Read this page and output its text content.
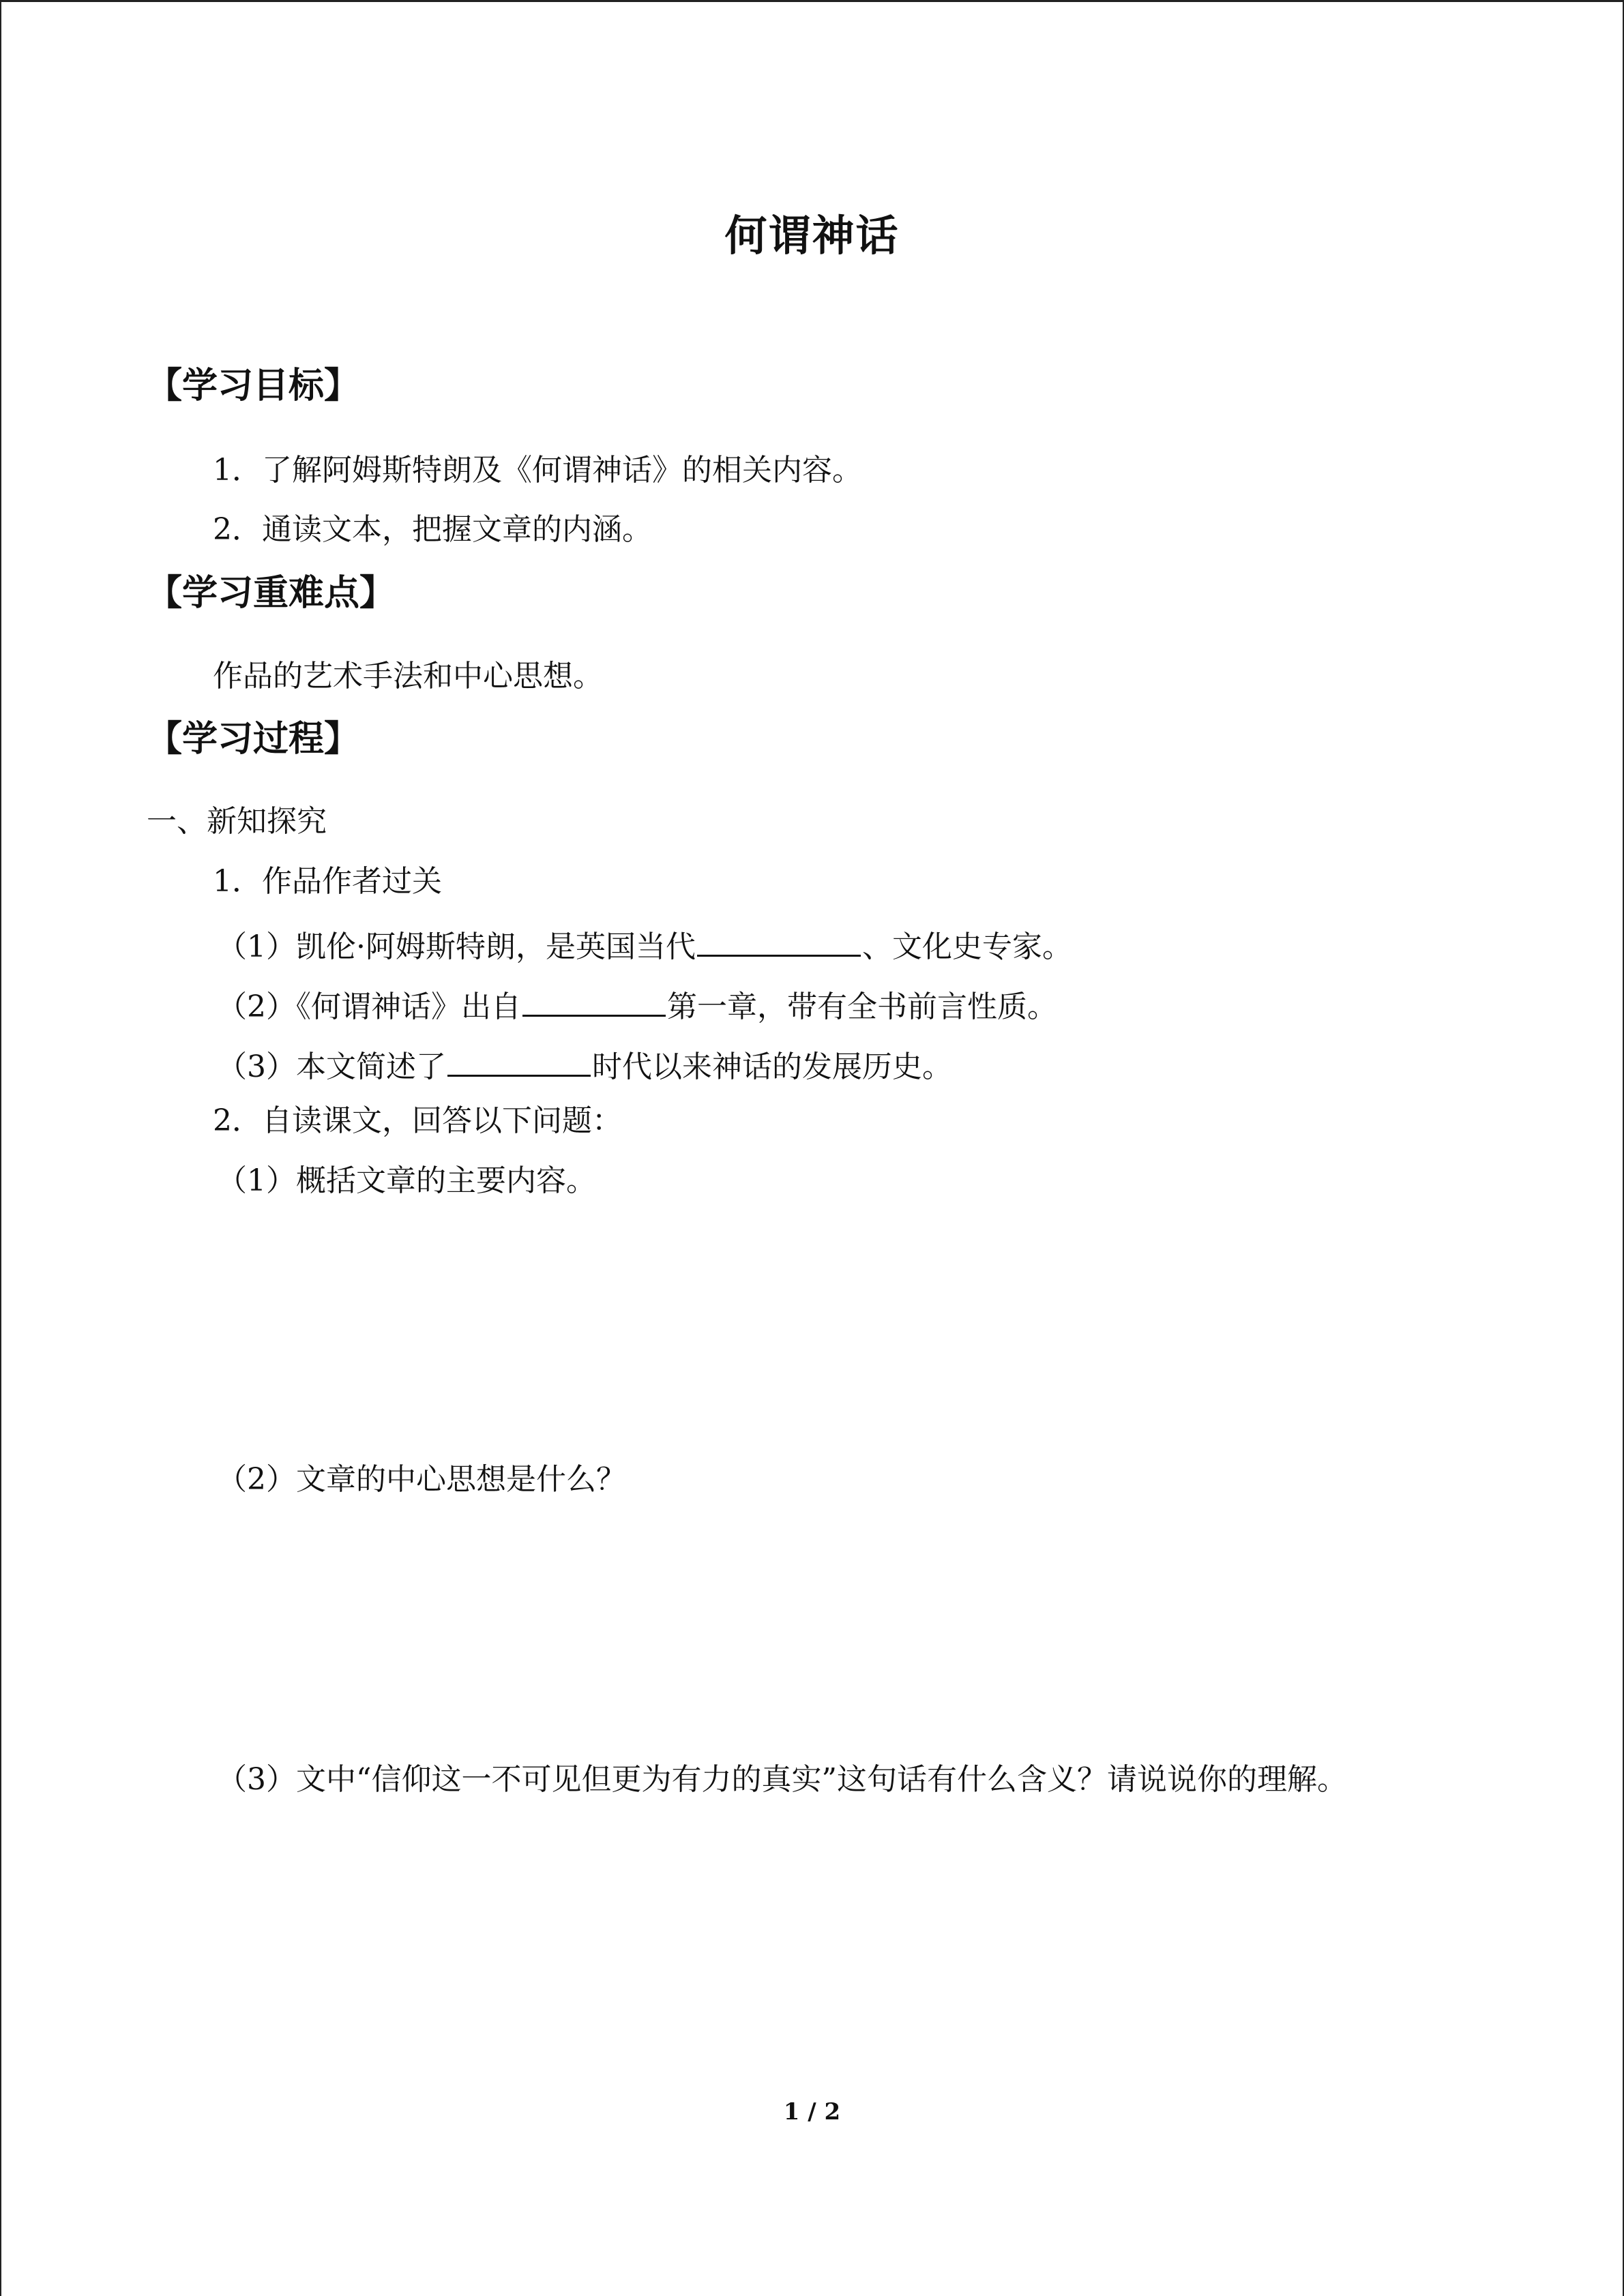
何谓神话
【学习目标】
1．了解阿姆斯特朗及《何谓神话》的相关内容。
2．通读文本，把握文章的内涵。
【学习重难点】
作品的艺术手法和中心思想。
【学习过程】
一、新知探究
1．作品作者过关
（1）凯伦·阿姆斯特朗，是英国当代	、文化史专家。
（2）《何谓神话》出自	第一章，带有全书前言性质。
（3）本文简述了	时代以来神话的发展历史。
2．自读课文，回答以下问题：
（1）概括文章的主要内容。
（2）文章的中心思想是什么？
（3）文中“信仰这一不可见但更为有力的真实”这句话有什么含义？请说说你的理解。
1 / 2
